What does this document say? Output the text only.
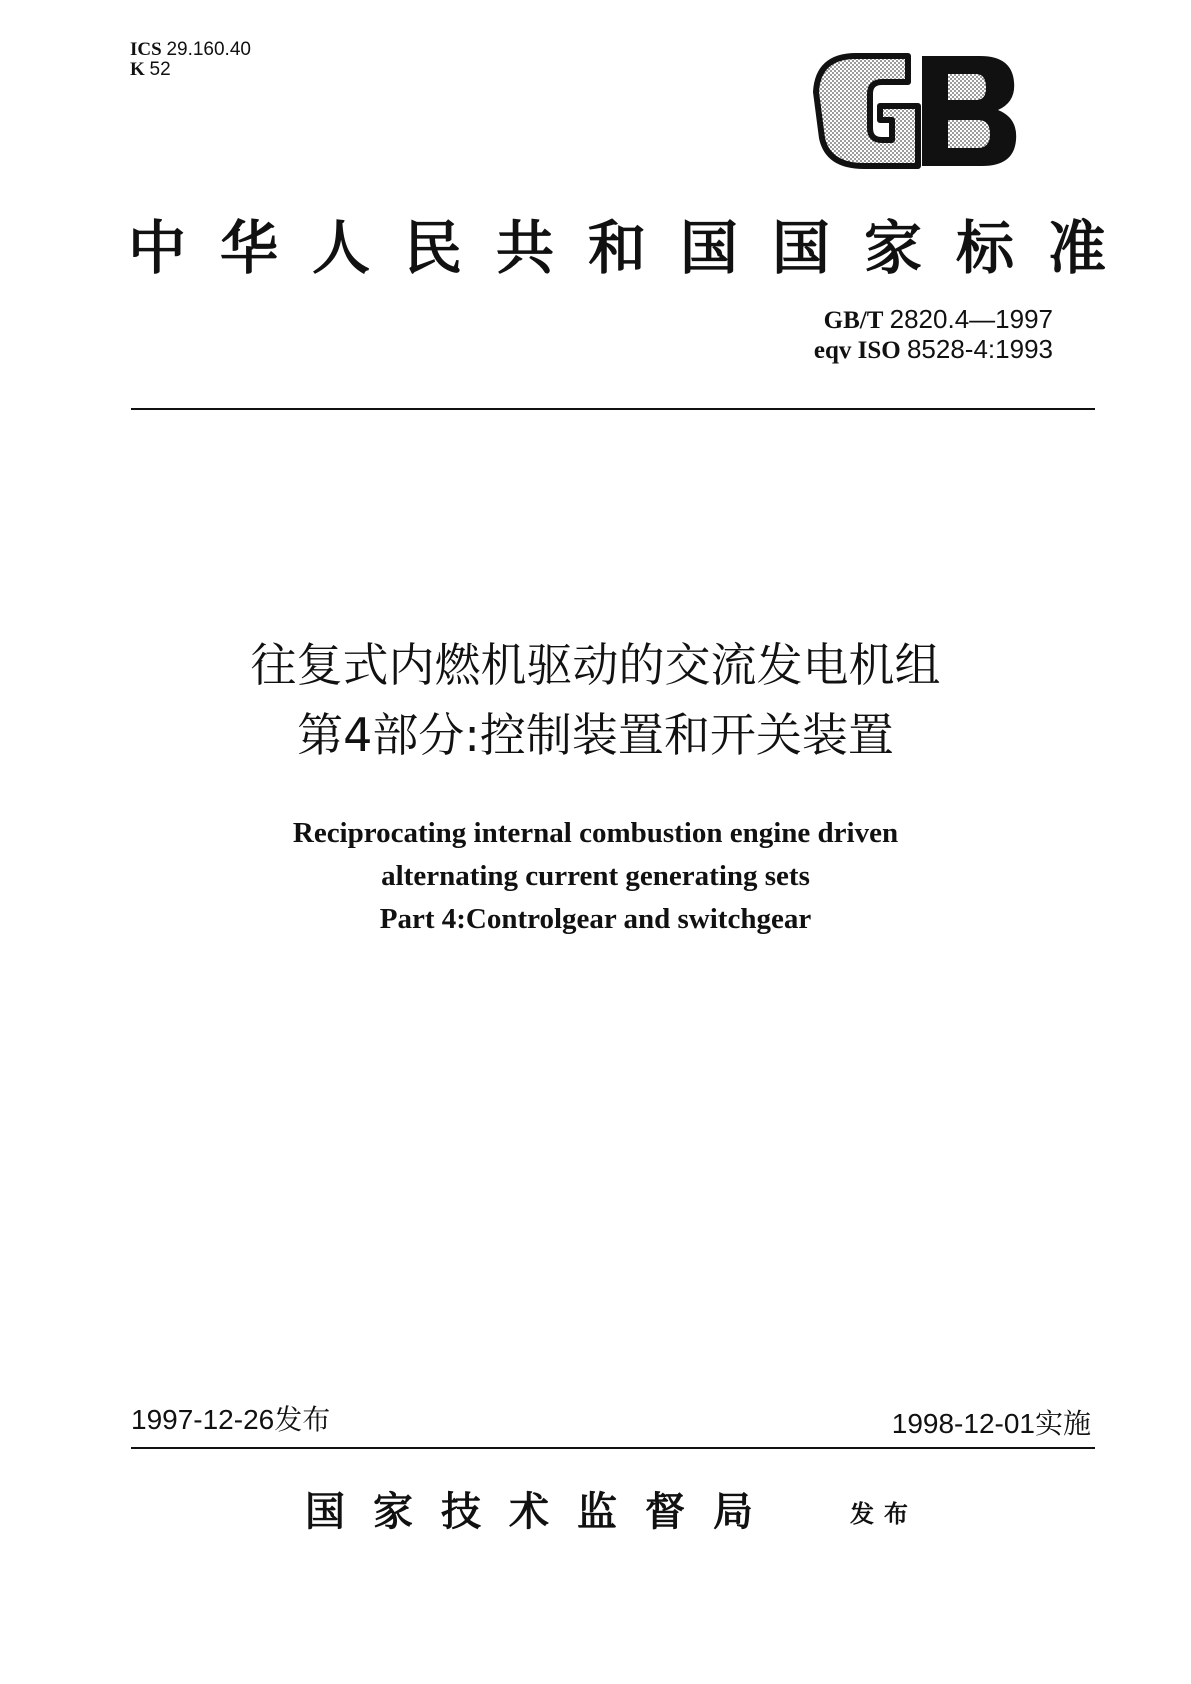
ICS 29.160.40
K 52
中华人民共和国国家标准
GB/T 2820.4—1997
eqv ISO 8528-4:1993
往复式内燃机驱动的交流发电机组
第4部分:控制装置和开关装置
Reciprocating internal combustion engine driven
alternating current generating sets
Part 4:Controlgear and switchgear
1997-12-26发布	1998-12-01实施
国家技术监督局	发布
